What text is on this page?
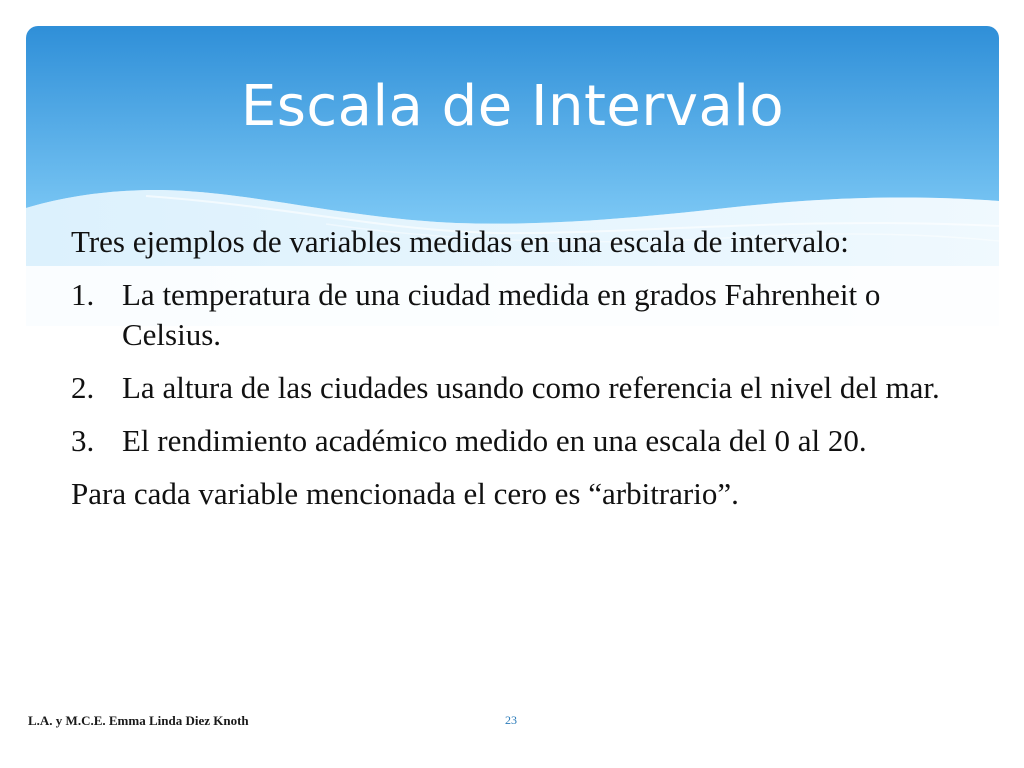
Escala de Intervalo

Tres ejemplos de variables medidas en una escala de intervalo:

1. La temperatura de una ciudad medida en grados Fahrenheit o Celsius.
2. La altura de las ciudades usando como referencia el nivel del mar.
3. El rendimiento académico medido en una escala del 0 al 20.

Para cada variable mencionada el cero es “arbitrario”.

L.A. y M.C.E. Emma Linda Diez Knoth	23
